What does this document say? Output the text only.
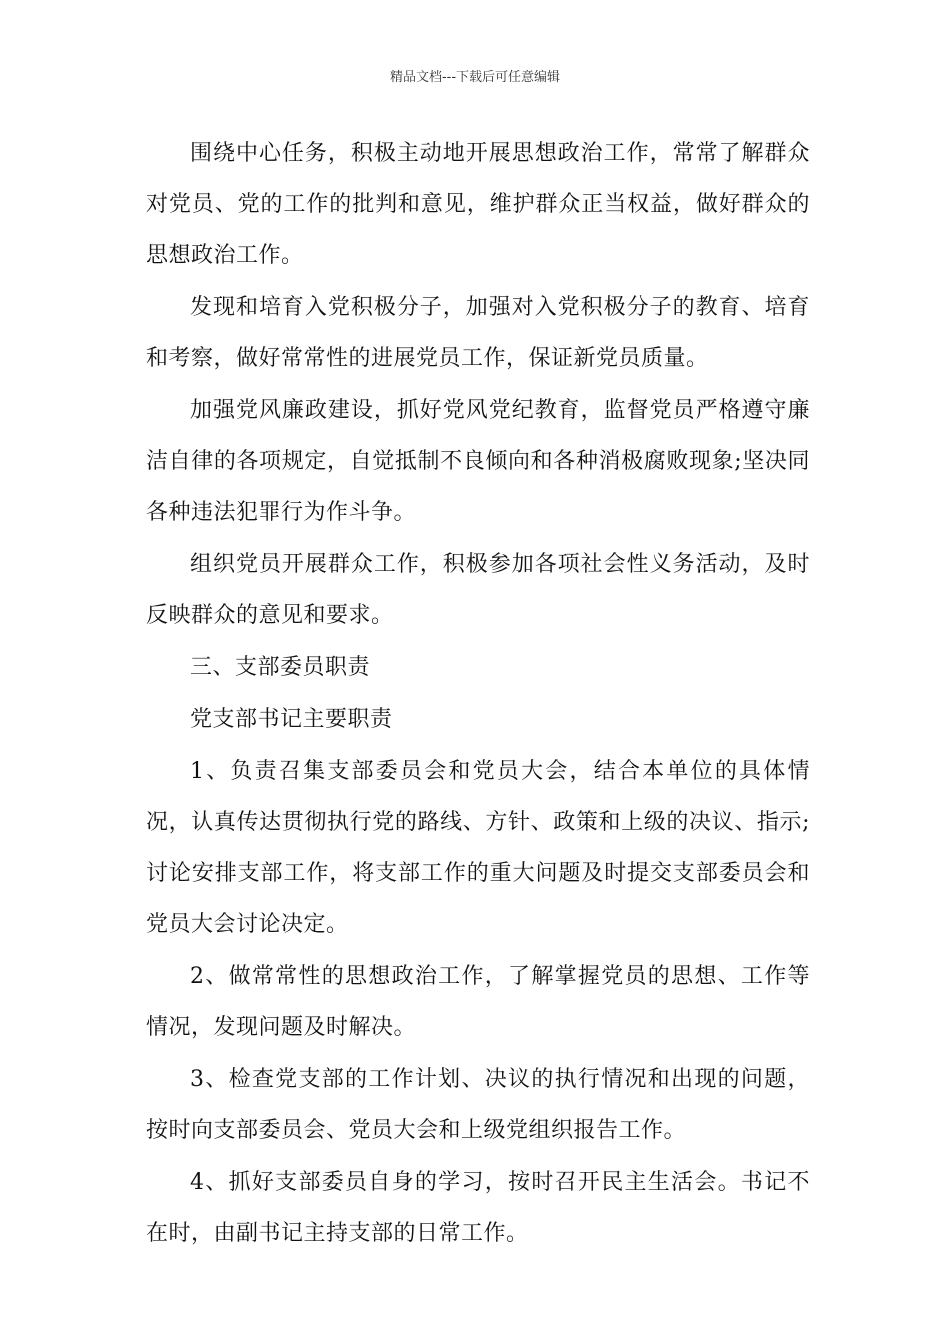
精品文档---下载后可任意编辑

围绕中心任务，积极主动地开展思想政治工作，常常了解群众对党员、党的工作的批判和意见，维护群众正当权益，做好群众的思想政治工作。

发现和培育入党积极分子，加强对入党积极分子的教育、培育和考察，做好常常性的进展党员工作，保证新党员质量。

加强党风廉政建设，抓好党风党纪教育，监督党员严格遵守廉洁自律的各项规定，自觉抵制不良倾向和各种消极腐败现象;坚决同各种违法犯罪行为作斗争。

组织党员开展群众工作，积极参加各项社会性义务活动，及时反映群众的意见和要求。

三、支部委员职责

党支部书记主要职责

1、负责召集支部委员会和党员大会，结合本单位的具体情况，认真传达贯彻执行党的路线、方针、政策和上级的决议、指示;讨论安排支部工作，将支部工作的重大问题及时提交支部委员会和党员大会讨论决定。

2、做常常性的思想政治工作，了解掌握党员的思想、工作等情况，发现问题及时解决。

3、检查党支部的工作计划、决议的执行情况和出现的问题，按时向支部委员会、党员大会和上级党组织报告工作。

4、抓好支部委员自身的学习，按时召开民主生活会。书记不在时，由副书记主持支部的日常工作。
